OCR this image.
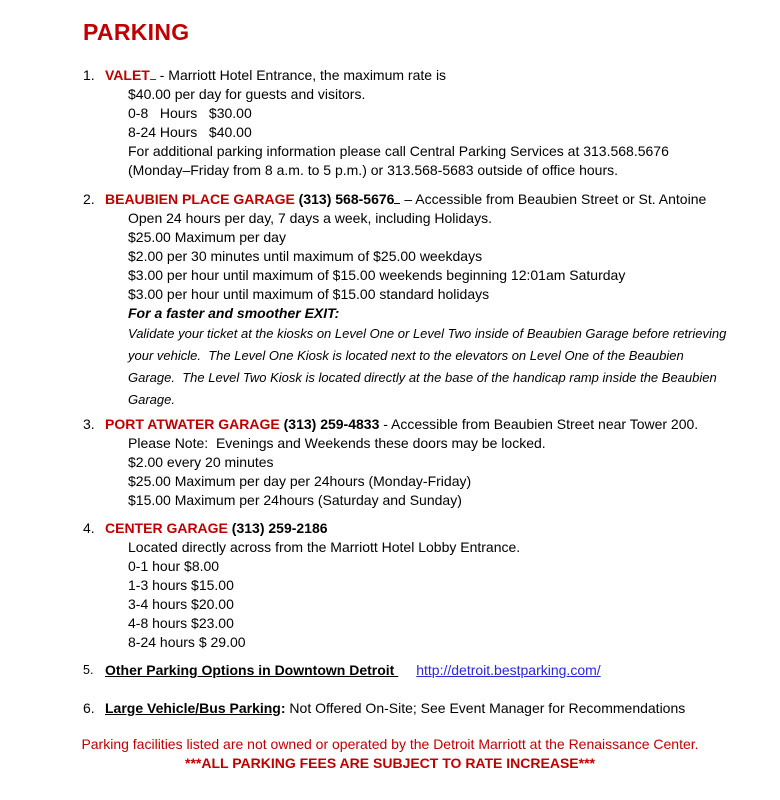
PARKING
1. VALET - Marriott Hotel Entrance, the maximum rate is
$40.00 per day for guests and visitors.
0-8   Hours   $30.00
8-24 Hours   $40.00
For additional parking information please call Central Parking Services at 313.568.5676
(Monday–Friday from 8 a.m. to 5 p.m.) or 313.568-5683 outside of office hours.
2. BEAUBIEN PLACE GARAGE (313) 568-5676 – Accessible from Beaubien Street or St. Antoine
Open 24 hours per day, 7 days a week, including Holidays.
$25.00 Maximum per day
$2.00 per 30 minutes until maximum of $25.00 weekdays
$3.00 per hour until maximum of $15.00 weekends beginning 12:01am Saturday
$3.00 per hour until maximum of $15.00 standard holidays
For a faster and smoother EXIT:
Validate your ticket at the kiosks on Level One or Level Two inside of Beaubien Garage before retrieving
your vehicle.  The Level One Kiosk is located next to the elevators on Level One of the Beaubien
Garage.  The Level Two Kiosk is located directly at the base of the handicap ramp inside the Beaubien
Garage.
3. PORT ATWATER GARAGE (313) 259-4833 - Accessible from Beaubien Street near Tower 200.
Please Note:  Evenings and Weekends these doors may be locked.
$2.00 every 20 minutes
$25.00 Maximum per day per 24hours (Monday-Friday)
$15.00 Maximum per 24hours (Saturday and Sunday)
4. CENTER GARAGE (313) 259-2186
Located directly across from the Marriott Hotel Lobby Entrance.
0-1 hour $8.00
1-3 hours $15.00
3-4 hours $20.00
4-8 hours $23.00
8-24 hours $ 29.00
5. Other Parking Options in Downtown Detroit http://detroit.bestparking.com/
6. Large Vehicle/Bus Parking: Not Offered On-Site; See Event Manager for Recommendations
Parking facilities listed are not owned or operated by the Detroit Marriott at the Renaissance Center.
***ALL PARKING FEES ARE SUBJECT TO RATE INCREASE***
